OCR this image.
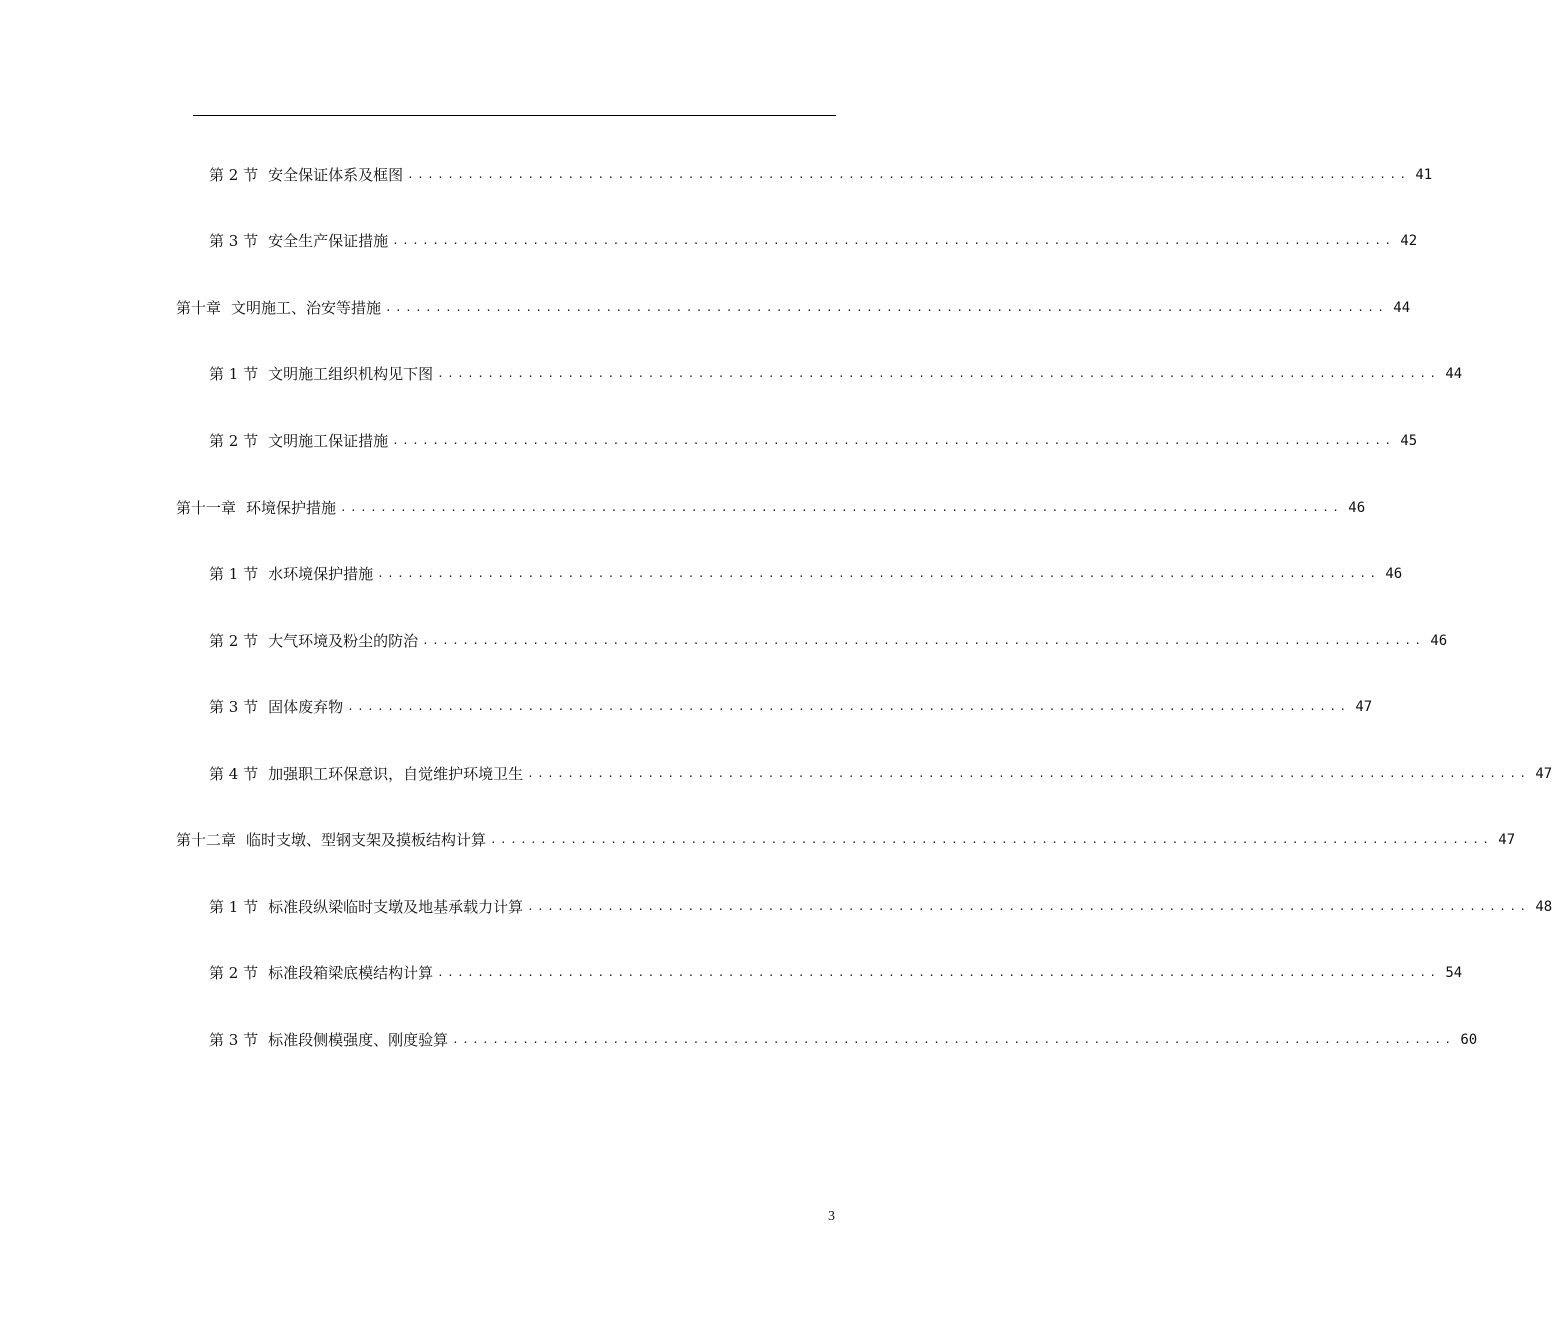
第 2 节 安全保证体系及框图 .................................................................................................... 41
第 3 节 安全生产保证措施 .................................................................................................... 42
第十章 文明施工、治安等措施 .................................................................................................... 44
第 1 节 文明施工组织机构见下图 .................................................................................................... 44
第 2 节 文明施工保证措施 .................................................................................................... 45
第十一章 环境保护措施 .................................................................................................... 46
第 1 节 水环境保护措施 .................................................................................................... 46
第 2 节 大气环境及粉尘的防治 .................................................................................................... 46
第 3 节 固体废弃物 .................................................................................................... 47
第 4 节 加强职工环保意识，自觉维护环境卫生 .................................................................................................... 47
第十二章 临时支墩、型钢支架及摸板结构计算 .................................................................................................... 47
第 1 节 标准段纵梁临时支墩及地基承载力计算 .................................................................................................... 48
第 2 节 标准段箱梁底模结构计算 .................................................................................................... 54
第 3 节 标准段侧模强度、刚度验算 .................................................................................................... 60
3
